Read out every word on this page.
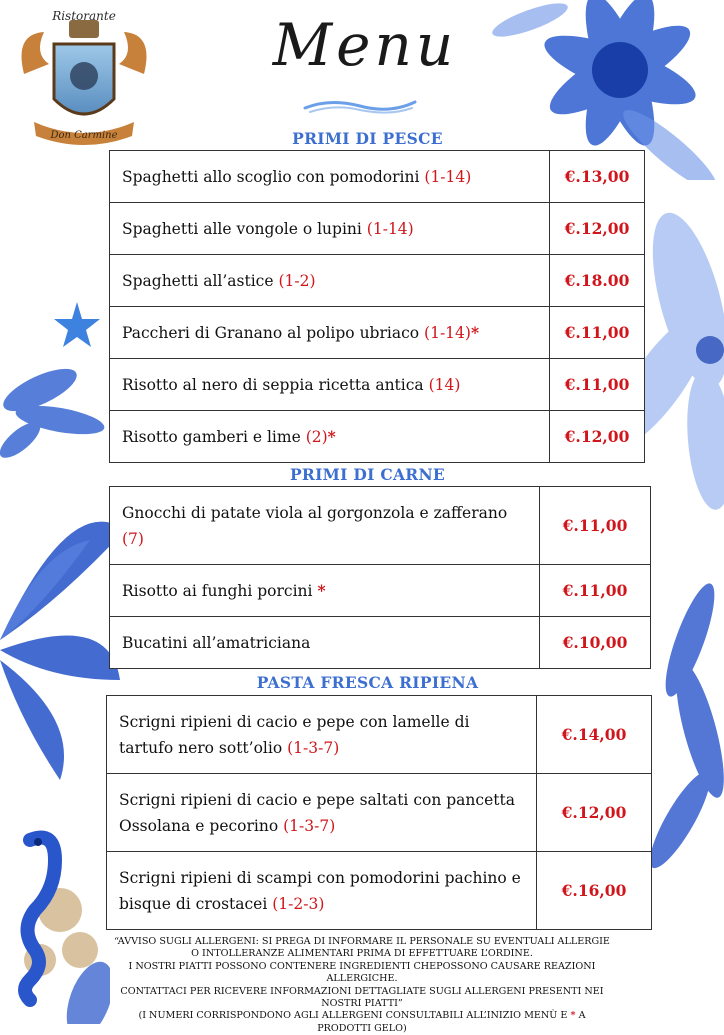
Ristorante
Don Carmine
Menu
PRIMI DI PESCE
Spaghetti allo scoglio con pomodorini (1-14)	€.13,00
Spaghetti alle vongole o lupini (1-14)	€.12,00
Spaghetti all’astice (1-2)	€.18.00
Paccheri di Granano al polipo ubriaco (1-14)*	€.11,00
Risotto al nero di seppia ricetta antica (14)	€.11,00
Risotto gamberi e lime (2)*	€.12,00
PRIMI DI CARNE
Gnocchi di patate viola al gorgonzola e zafferano (7)	€.11,00
Risotto ai funghi porcini *	€.11,00
Bucatini all’amatriciana	€.10,00
PASTA FRESCA RIPIENA
Scrigni ripieni di cacio e pepe con lamelle di tartufo nero sott’olio (1-3-7)	€.14,00
Scrigni ripieni di cacio e pepe saltati con pancetta Ossolana e pecorino (1-3-7)	€.12,00
Scrigni ripieni di scampi con pomodorini pachino e bisque di crostacei (1-2-3)	€.16,00
“AVVISO SUGLI ALLERGENI: SI PREGA DI INFORMARE IL PERSONALE SU EVENTUALI ALLERGIE O INTOLLERANZE ALIMENTARI PRIMA DI EFFETTUARE L’ORDINE.
I NOSTRI PIATTI POSSONO CONTENERE INGREDIENTI CHEPOSSONO CAUSARE REAZIONI ALLERGICHE.
CONTATTACI PER RICEVERE INFORMAZIONI DETTAGLIATE SUGLI ALLERGENI PRESENTI NEI NOSTRI PIATTI”
(I NUMERI CORRISPONDONO AGLI ALLERGENI CONSULTABILI ALL’INIZIO MENÙ E * A PRODOTTI GELO)
